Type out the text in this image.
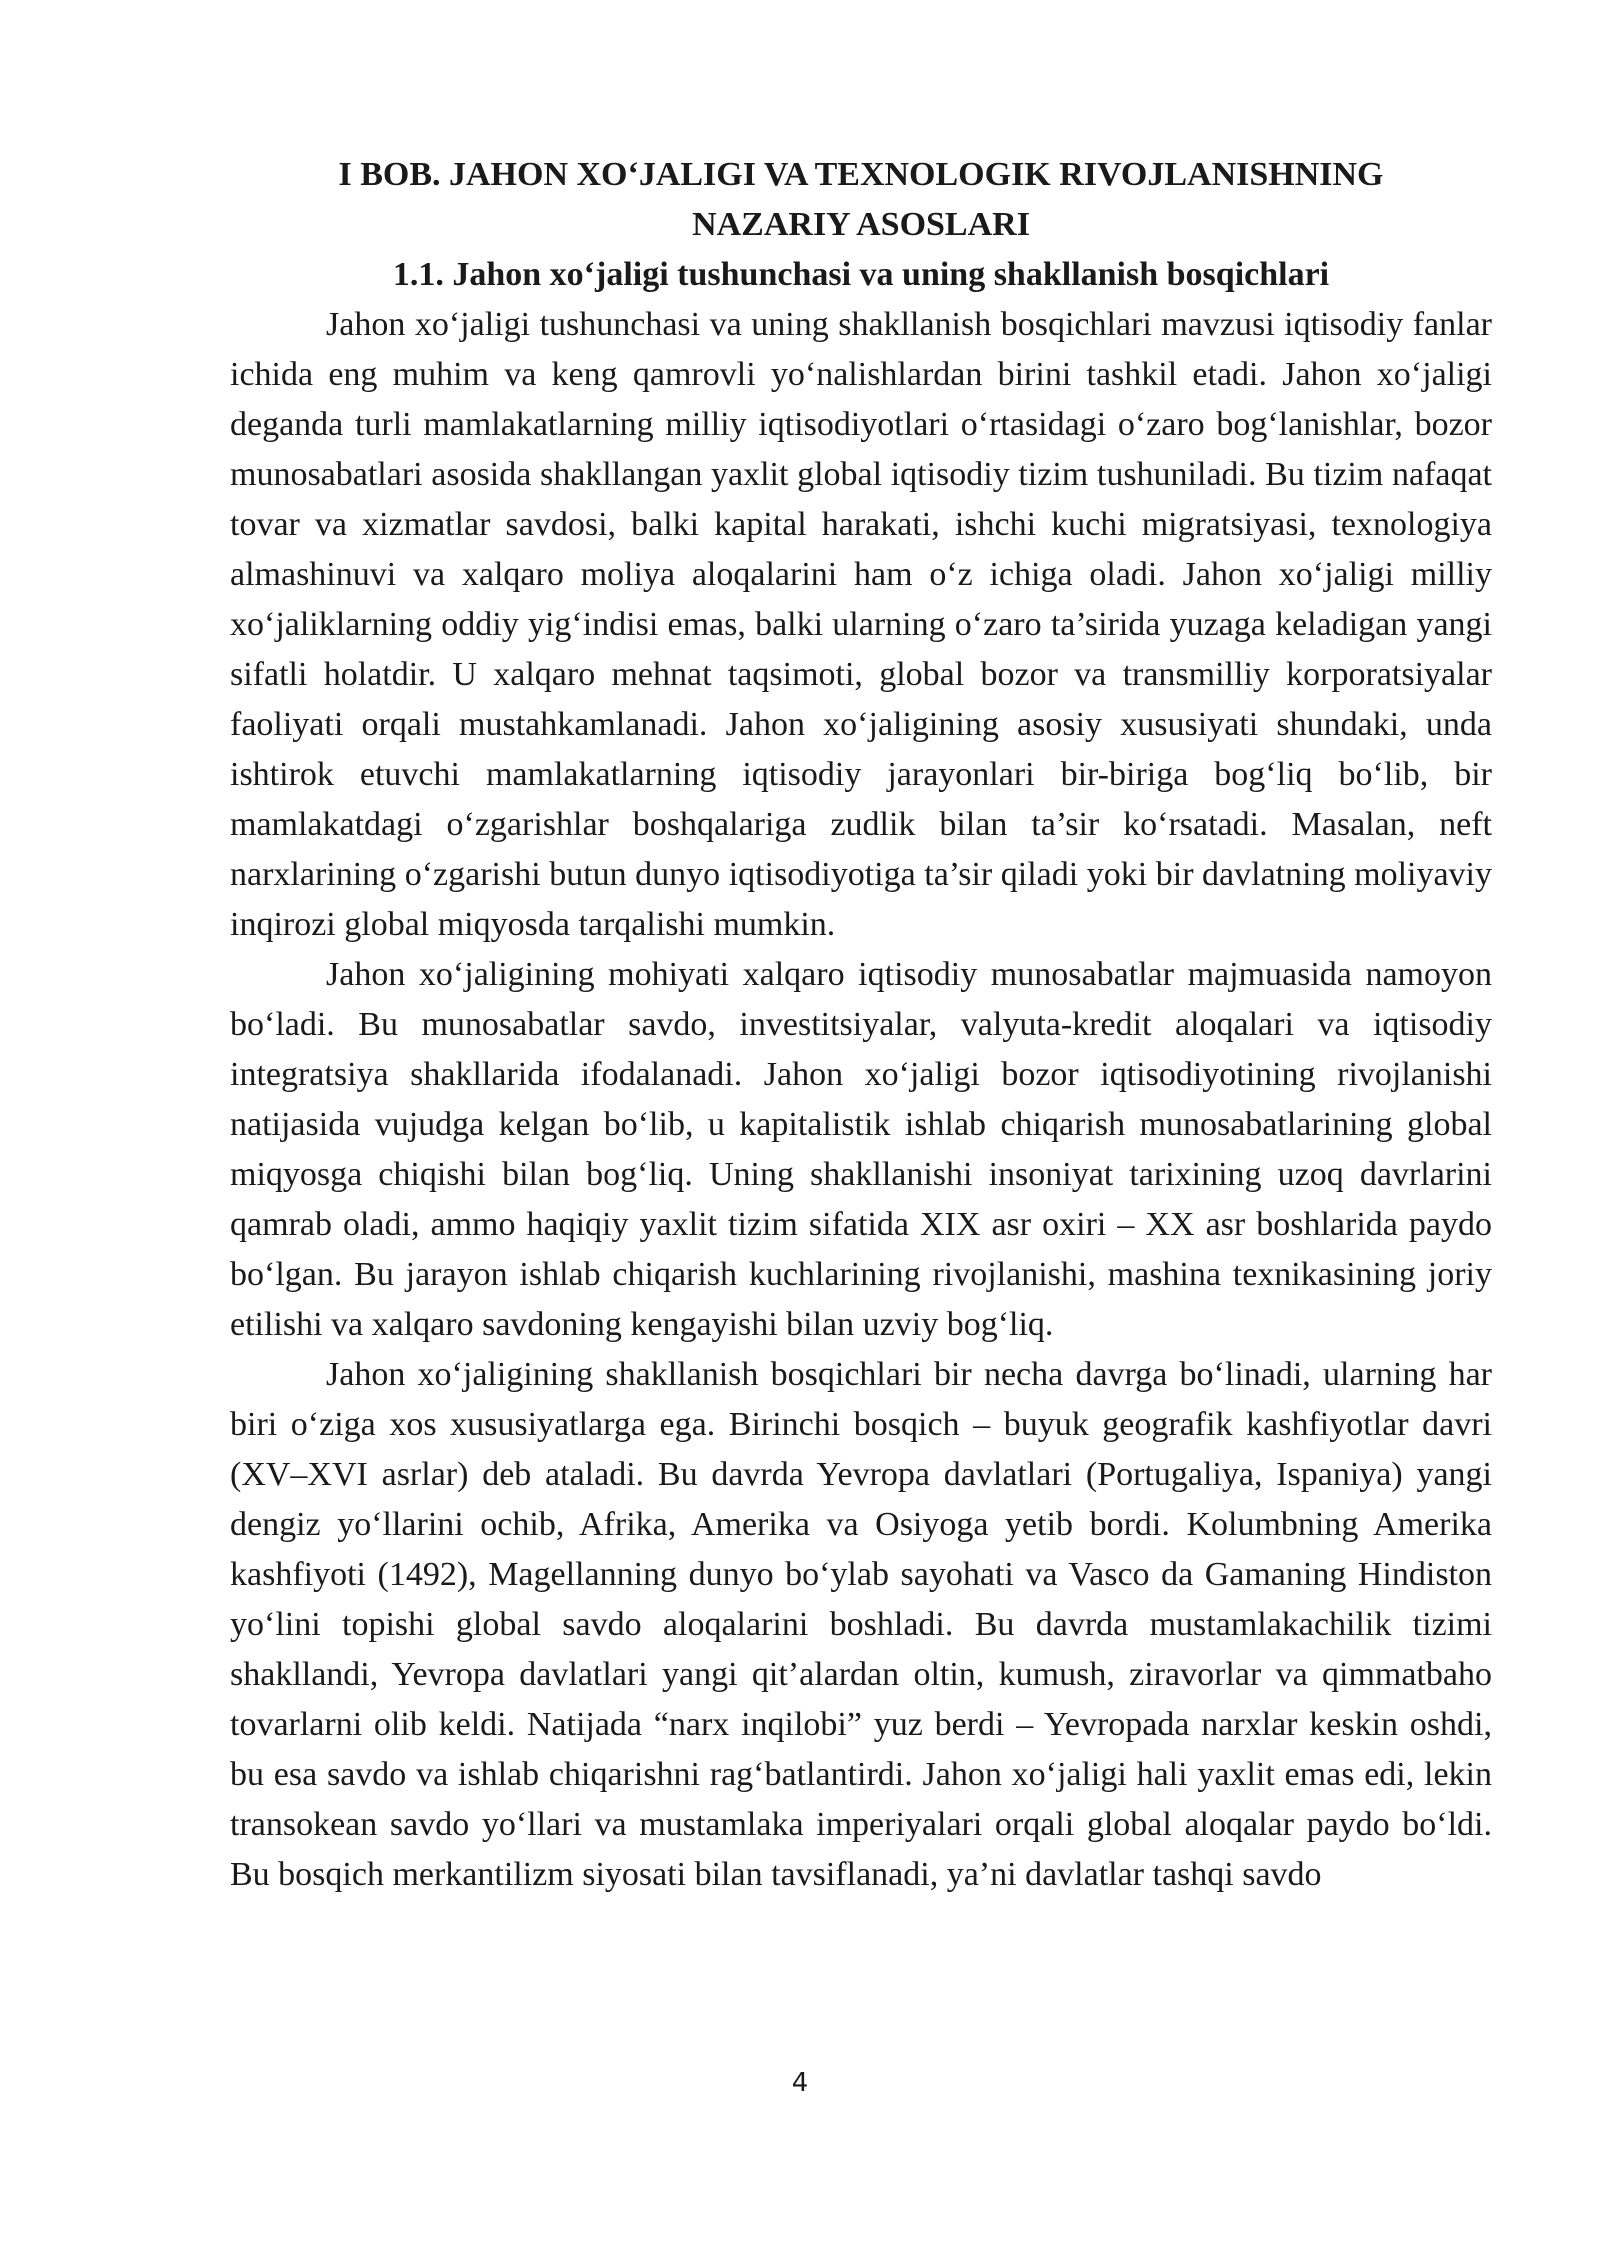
I BOB. JAHON XO‘JALIGI VA TEXNOLOGIK RIVOJLANISHNING
NAZARIY ASOSLARI

1.1. Jahon xo‘jaligi tushunchasi va uning shakllanish bosqichlari

Jahon xo‘jaligi tushunchasi va uning shakllanish bosqichlari mavzusi iqtisodiy fanlar ichida eng muhim va keng qamrovli yo‘nalishlardan birini tashkil etadi. Jahon xo‘jaligi deganda turli mamlakatlarning milliy iqtisodiyotlari o‘rtasidagi o‘zaro bog‘lanishlar, bozor munosabatlari asosida shakllangan yaxlit global iqtisodiy tizim tushuniladi. Bu tizim nafaqat tovar va xizmatlar savdosi, balki kapital harakati, ishchi kuchi migratsiyasi, texnologiya almashinuvi va xalqaro moliya aloqalarini ham o‘z ichiga oladi. Jahon xo‘jaligi milliy xo‘jaliklarning oddiy yig‘indisi emas, balki ularning o‘zaro ta’sirida yuzaga keladigan yangi sifatli holatdir. U xalqaro mehnat taqsimoti, global bozor va transmilliy korporatsiyalar faoliyati orqali mustahkamlanadi. Jahon xo‘jaligining asosiy xususiyati shundaki, unda ishtirok etuvchi mamlakatlarning iqtisodiy jarayonlari bir-biriga bog‘liq bo‘lib, bir mamlakatdagi o‘zgarishlar boshqalariga zudlik bilan ta’sir ko‘rsatadi. Masalan, neft narxlarining o‘zgarishi butun dunyo iqtisodiyotiga ta’sir qiladi yoki bir davlatning moliyaviy inqirozi global miqyosda tarqalishi mumkin.

Jahon xo‘jaligining mohiyati xalqaro iqtisodiy munosabatlar majmuasida namoyon bo‘ladi. Bu munosabatlar savdo, investitsiyalar, valyuta-kredit aloqalari va iqtisodiy integratsiya shakllarida ifodalanadi. Jahon xo‘jaligi bozor iqtisodiyotining rivojlanishi natijasida vujudga kelgan bo‘lib, u kapitalistik ishlab chiqarish munosabatlarining global miqyosga chiqishi bilan bog‘liq. Uning shakllanishi insoniyat tarixining uzoq davrlarini qamrab oladi, ammo haqiqiy yaxlit tizim sifatida XIX asr oxiri – XX asr boshlarida paydo bo‘lgan. Bu jarayon ishlab chiqarish kuchlarining rivojlanishi, mashina texnikasining joriy etilishi va xalqaro savdoning kengayishi bilan uzviy bog‘liq.

Jahon xo‘jaligining shakllanish bosqichlari bir necha davrga bo‘linadi, ularning har biri o‘ziga xos xususiyatlarga ega. Birinchi bosqich – buyuk geografik kashfiyotlar davri (XV–XVI asrlar) deb ataladi. Bu davrda Yevropa davlatlari (Portugaliya, Ispaniya) yangi dengiz yo‘llarini ochib, Afrika, Amerika va Osiyoga yetib bordi. Kolumbning Amerika kashfiyoti (1492), Magellanning dunyo bo‘ylab sayohati va Vasco da Gamaning Hindiston yo‘lini topishi global savdo aloqalarini boshladi. Bu davrda mustamlakachilik tizimi shakllandi, Yevropa davlatlari yangi qit’alardan oltin, kumush, ziravorlar va qimmatbaho tovarlarni olib keldi. Natijada “narx inqilobi” yuz berdi – Yevropada narxlar keskin oshdi, bu esa savdo va ishlab chiqarishni rag‘batlantirdi. Jahon xo‘jaligi hali yaxlit emas edi, lekin transokean savdo yo‘llari va mustamlaka imperiyalari orqali global aloqalar paydo bo‘ldi. Bu bosqich merkantilizm siyosati bilan tavsiflanadi, ya’ni davlatlar tashqi savdo

4
